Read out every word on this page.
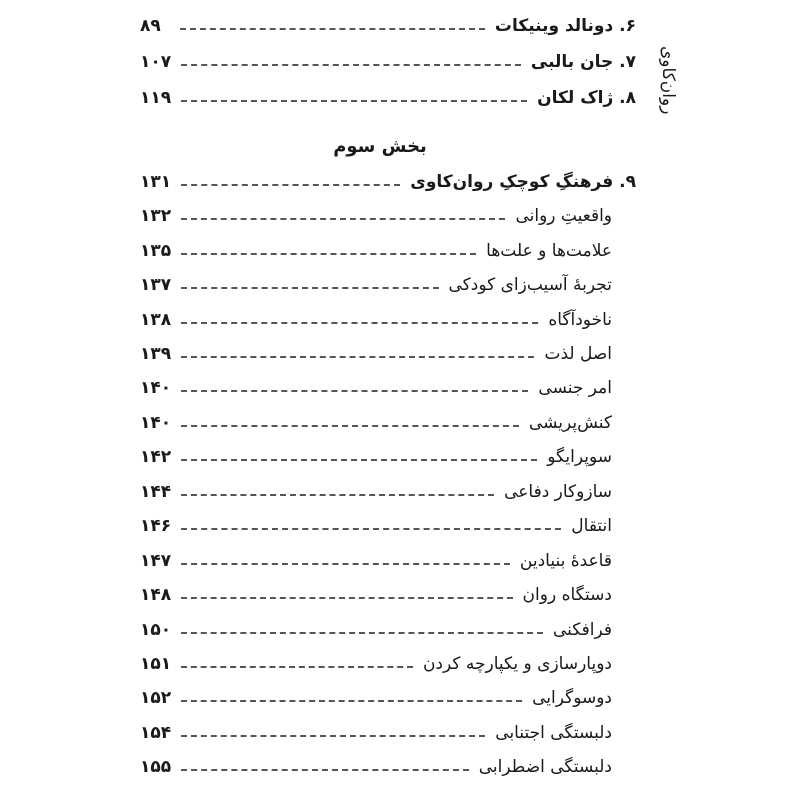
روان‌کاوی
۶. دونالد وینیکات
۸۹
۷. جان بالبی
۱۰۷
۸. ژاک لکان
۱۱۹
بخش سوم
۹. فرهنگِ کوچکِ روان‌کاوی
۱۳۱
واقعیتِ روانی
۱۳۲
علامت‌ها و علت‌ها
۱۳۵
تجربهٔ آسیب‌زای کودکی
۱۳۷
ناخودآگاه
۱۳۸
اصل لذت
۱۳۹
امر جنسی
۱۴۰
کنش‌پریشی
۱۴۰
سوپرایگو
۱۴۲
سازوکار دفاعی
۱۴۴
انتقال
۱۴۶
قاعدهٔ بنیادین
۱۴۷
دستگاه روان
۱۴۸
فرافکنی
۱۵۰
دوپارسازی و یکپارچه کردن
۱۵۱
دوسوگرایی
۱۵۲
دلبستگی اجتنابی
۱۵۴
دلبستگی اضطرابی
۱۵۵
